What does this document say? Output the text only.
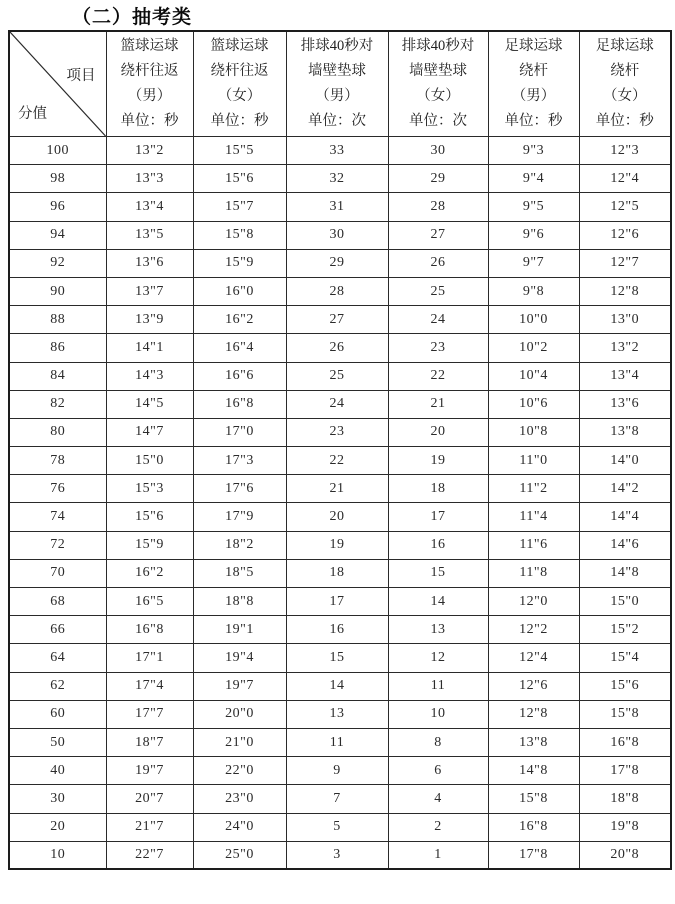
（二）抽考类
项目
分值

篮球运球
绕杆往返
（男）
单位：秒

篮球运球
绕杆往返
（女）
单位：秒

排球40秒对
墙壁垫球
（男）
单位：次

排球40秒对
墙壁垫球
（女）
单位：次

足球运球
绕杆
（男）
单位：秒

足球运球
绕杆
（女）
单位：秒

100	13"2	15"5	33	30	9"3	12"3
98	13"3	15"6	32	29	9"4	12"4
96	13"4	15"7	31	28	9"5	12"5
94	13"5	15"8	30	27	9"6	12"6
92	13"6	15"9	29	26	9"7	12"7
90	13"7	16"0	28	25	9"8	12"8
88	13"9	16"2	27	24	10"0	13"0
86	14"1	16"4	26	23	10"2	13"2
84	14"3	16"6	25	22	10"4	13"4
82	14"5	16"8	24	21	10"6	13"6
80	14"7	17"0	23	20	10"8	13"8
78	15"0	17"3	22	19	11"0	14"0
76	15"3	17"6	21	18	11"2	14"2
74	15"6	17"9	20	17	11"4	14"4
72	15"9	18"2	19	16	11"6	14"6
70	16"2	18"5	18	15	11"8	14"8
68	16"5	18"8	17	14	12"0	15"0
66	16"8	19"1	16	13	12"2	15"2
64	17"1	19"4	15	12	12"4	15"4
62	17"4	19"7	14	11	12"6	15"6
60	17"7	20"0	13	10	12"8	15"8
50	18"7	21"0	11	8	13"8	16"8
40	19"7	22"0	9	6	14"8	17"8
30	20"7	23"0	7	4	15"8	18"8
20	21"7	24"0	5	2	16"8	19"8
10	22"7	25"0	3	1	17"8	20"8
